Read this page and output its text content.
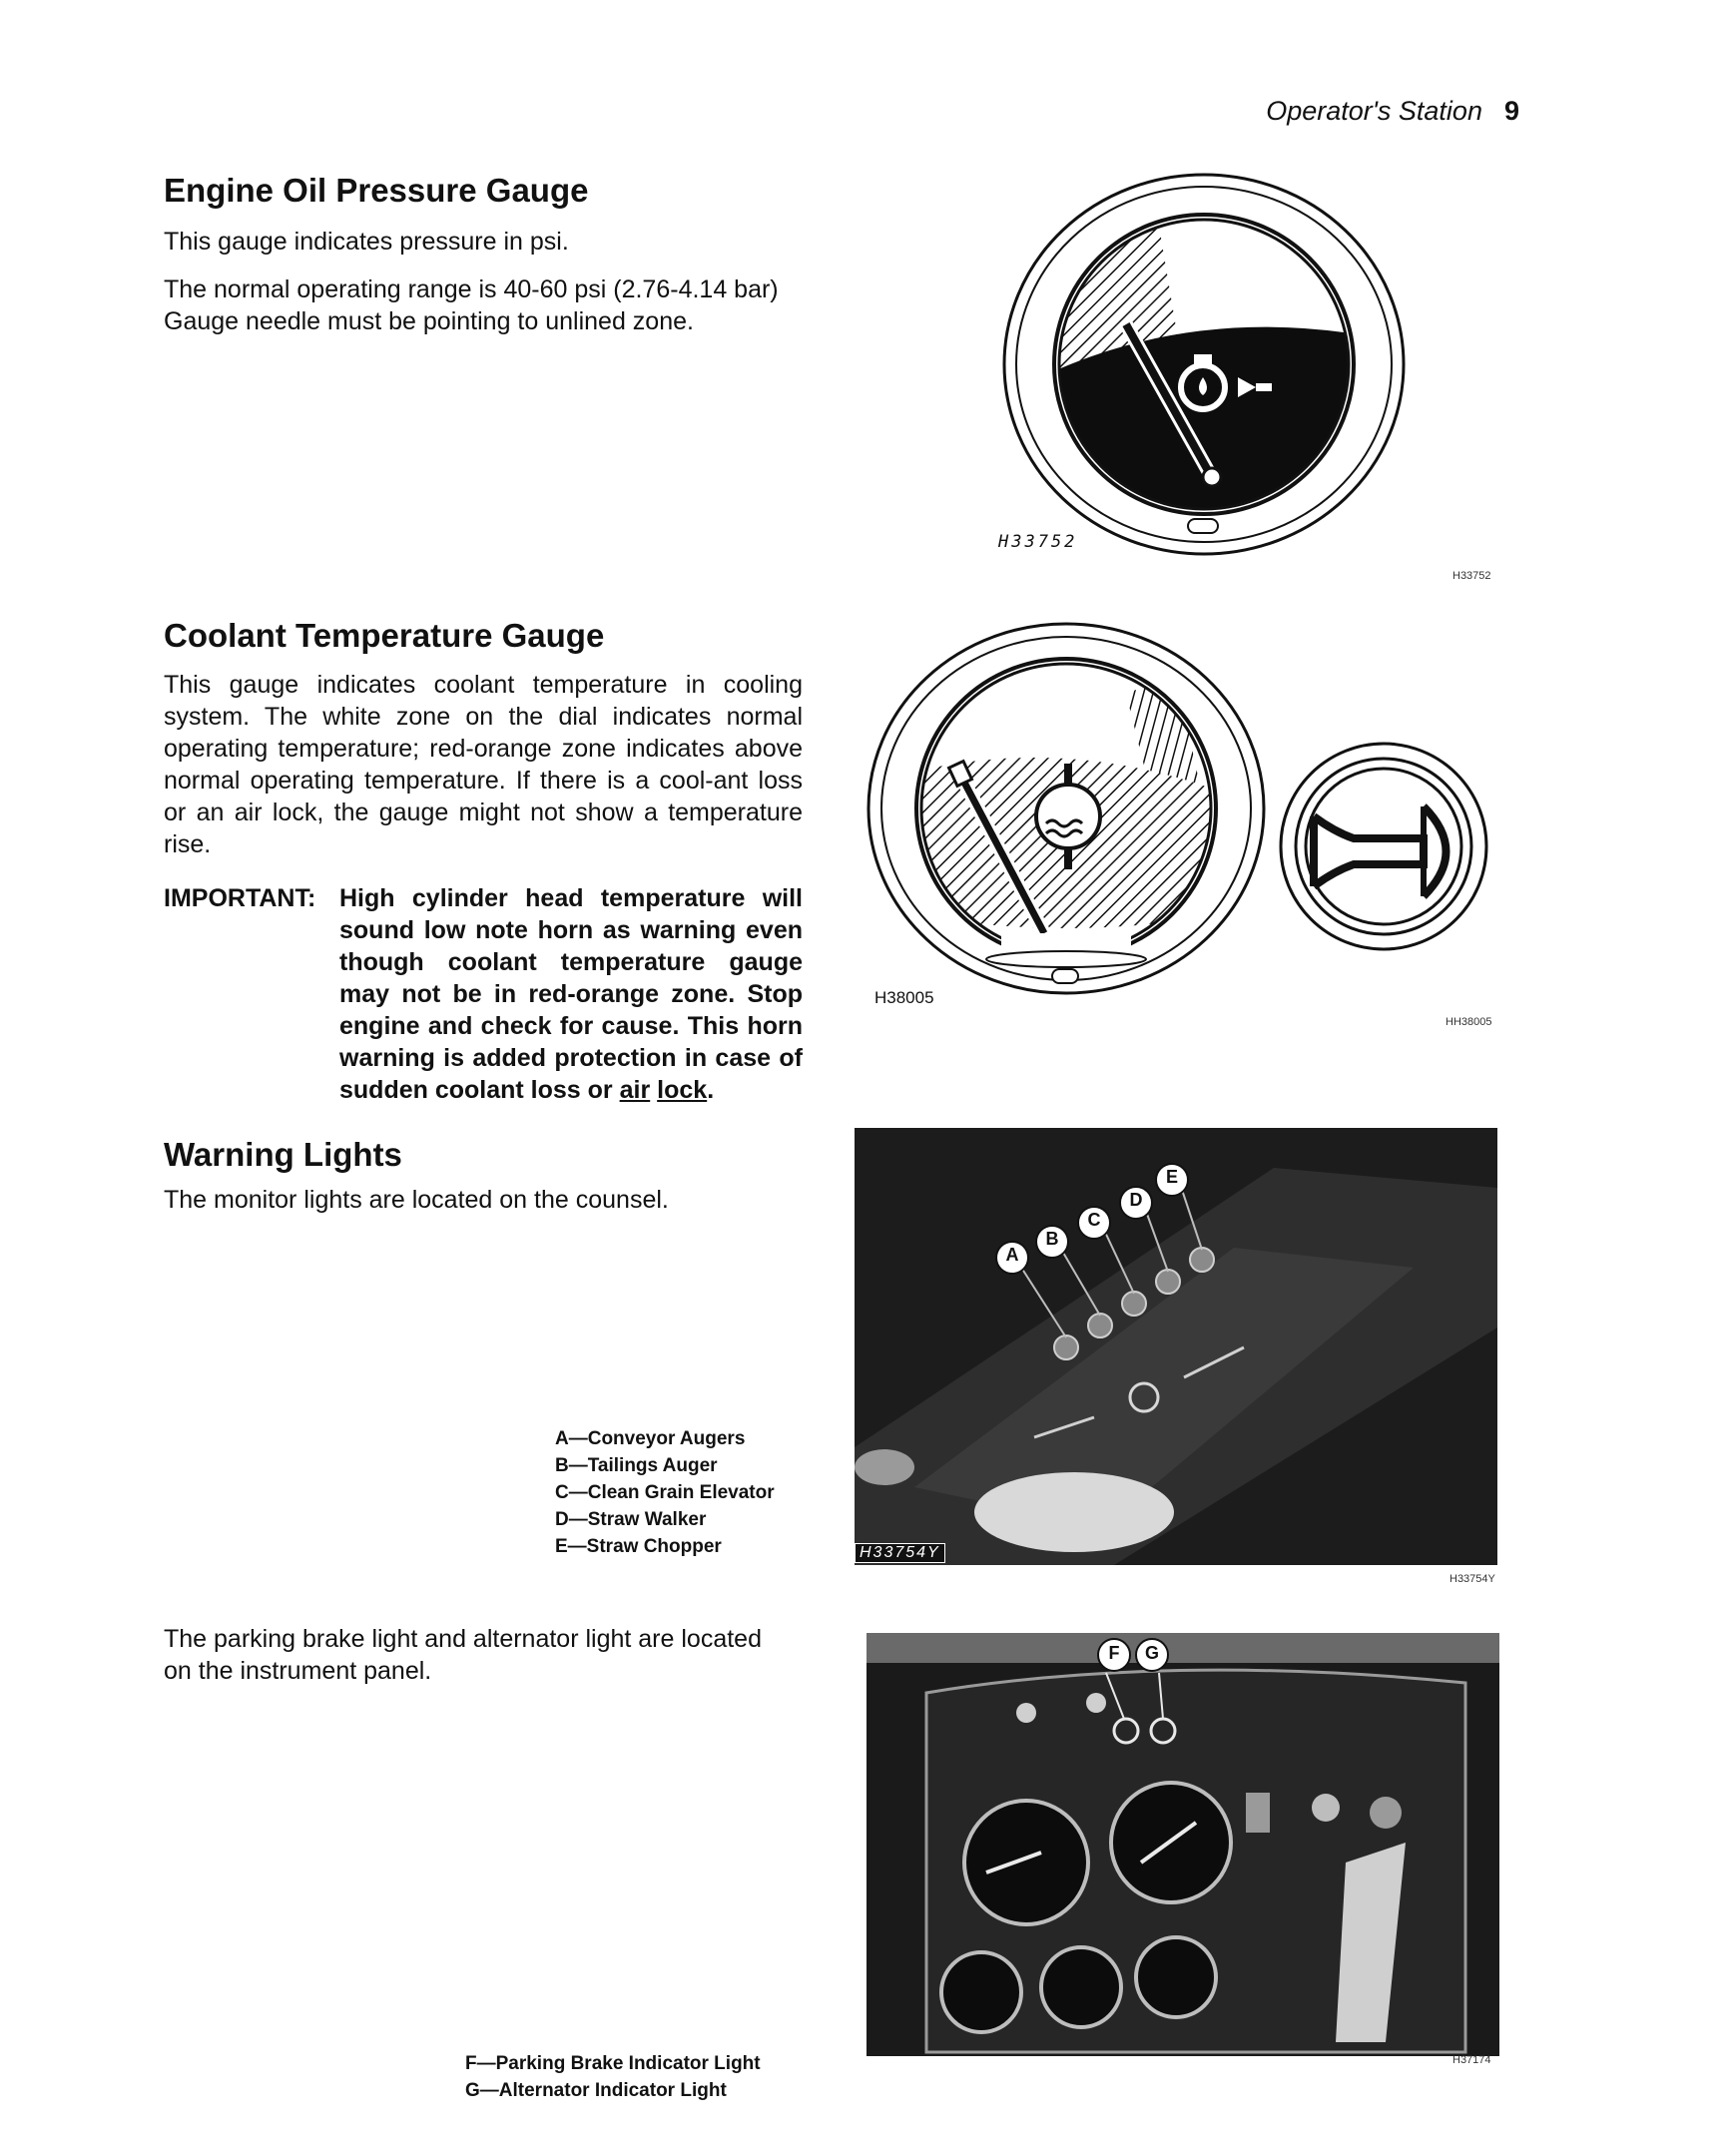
Operator's Station 9
Engine Oil Pressure Gauge

This gauge indicates pressure in psi.

The normal operating range is 40-60 psi (2.76-4.14 bar)

Gauge needle must be pointing to unlined zone.

H33752
H33752
Coolant Temperature Gauge

This gauge indicates coolant temperature in cooling system. The white zone on the dial indicates normal operating temperature; red-orange zone indicates above normal operating temperature. If there is a cool-ant loss or an air lock, the gauge might not show a temperature rise.

IMPORTANT: High cylinder head temperature will sound low note horn as warning even though coolant temperature gauge may not be in red-orange zone. Stop engine and check for cause. This horn warning is added protection in case of sudden coolant loss or air lock.
H38005
HH38005
Warning Lights

The monitor lights are located on the counsel.

A—Conveyor Augers
B—Tailings Auger
C—Clean Grain Elevator
D—Straw Walker
E—Straw Chopper
A
B
C
D
E
H33754Y
H33754Y

The parking brake light and alternator light are located

on the instrument panel.

F G
F—Parking Brake Indicator Light
G—Alternator Indicator Light
H37174
